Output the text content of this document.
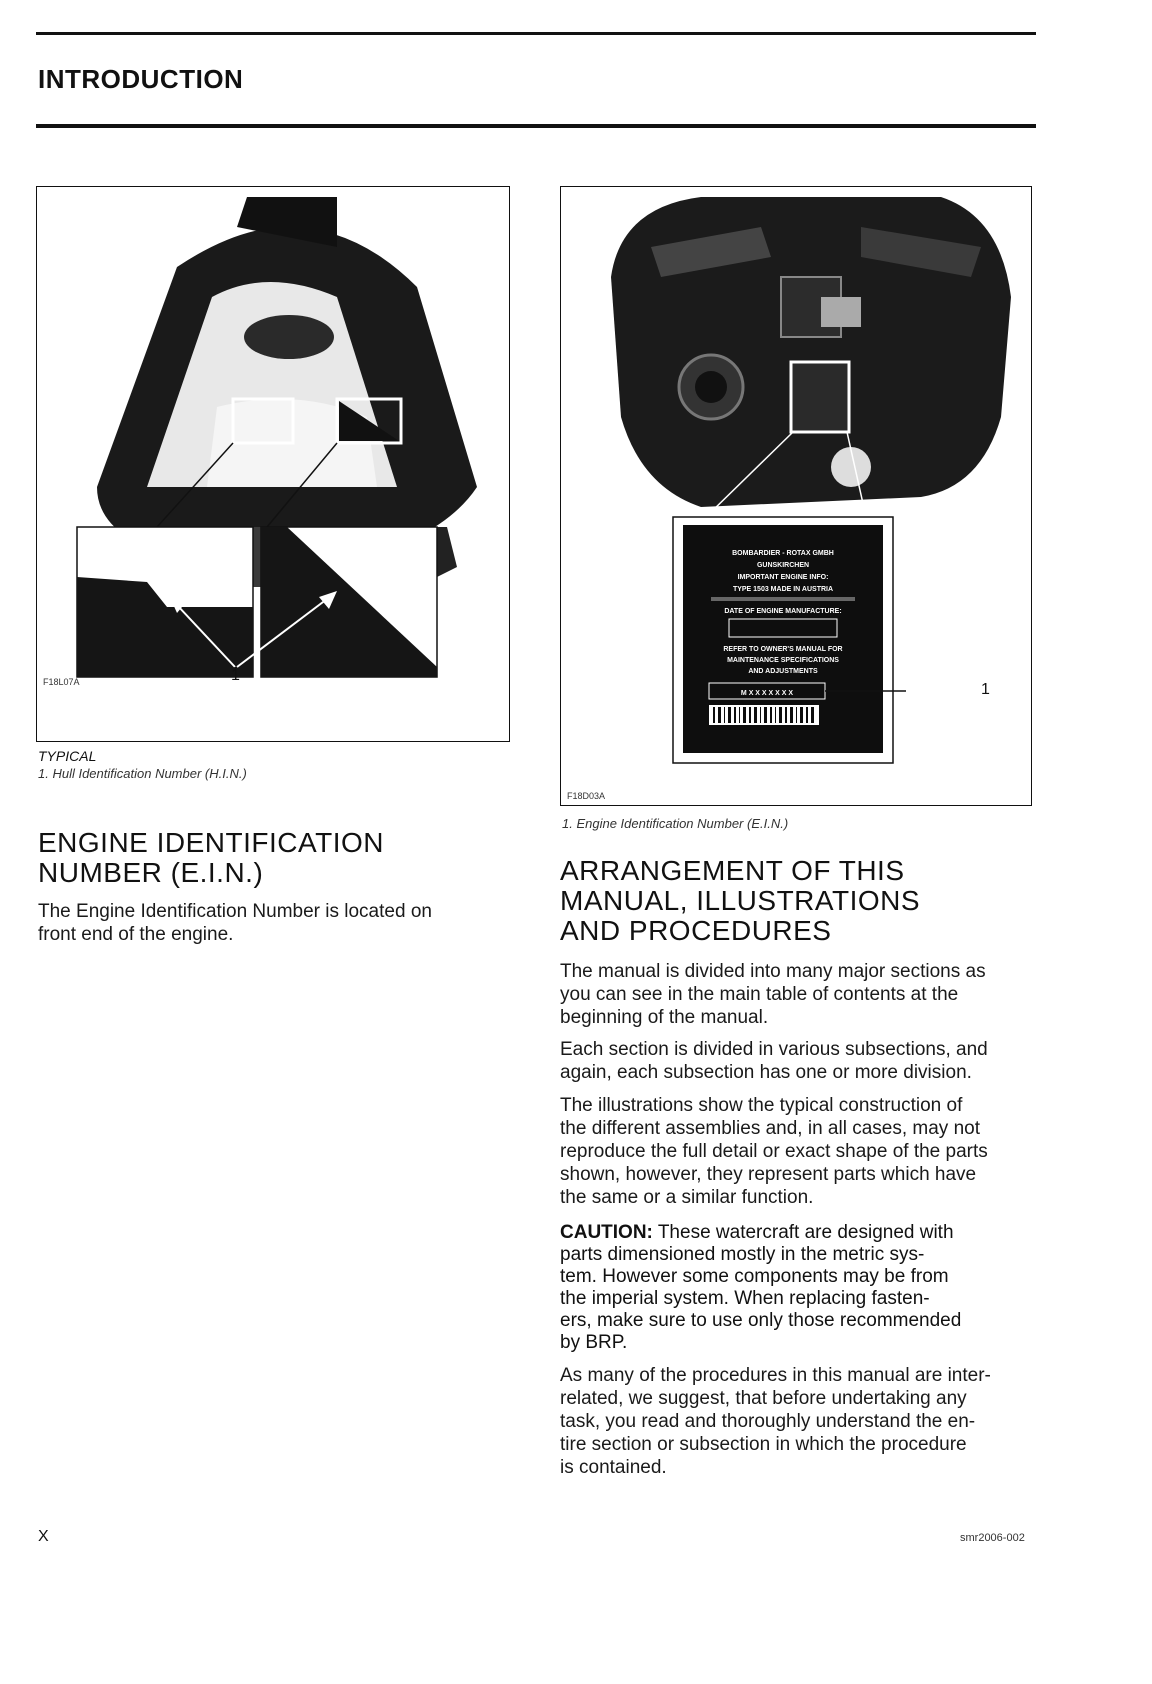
INTRODUCTION
F18L07A	1
TYPICAL
1. Hull Identification Number (H.I.N.)
BOMBARDIER - ROTAX GMBH
GUNSKIRCHEN
IMPORTANT ENGINE INFO:
TYPE 1503 MADE IN AUSTRIA
DATE OF ENGINE MANUFACTURE:
REFER TO OWNER'S MANUAL FOR
MAINTENANCE SPECIFICATIONS
AND ADJUSTMENTS
M X X X X X X X
F18D03A
1
1. Engine Identification Number (E.I.N.)
ENGINE IDENTIFICATION
NUMBER (E.I.N.)

The Engine Identification Number is located on
front end of the engine.

ARRANGEMENT OF THIS
MANUAL, ILLUSTRATIONS
AND PROCEDURES

The manual is divided into many major sections as
you can see in the main table of contents at the
beginning of the manual.

Each section is divided in various subsections, and
again, each subsection has one or more division.

The illustrations show the typical construction of
the different assemblies and, in all cases, may not
reproduce the full detail or exact shape of the parts
shown, however, they represent parts which have
the same or a similar function.

CAUTION: These watercraft are designed with
parts dimensioned mostly in the metric sys-
tem. However some components may be from
the imperial system. When replacing fasten-
ers, make sure to use only those recommended
by BRP.

As many of the procedures in this manual are inter-
related, we suggest, that before undertaking any
task, you read and thoroughly understand the en-
tire section or subsection in which the procedure
is contained.

X	smr2006-002
